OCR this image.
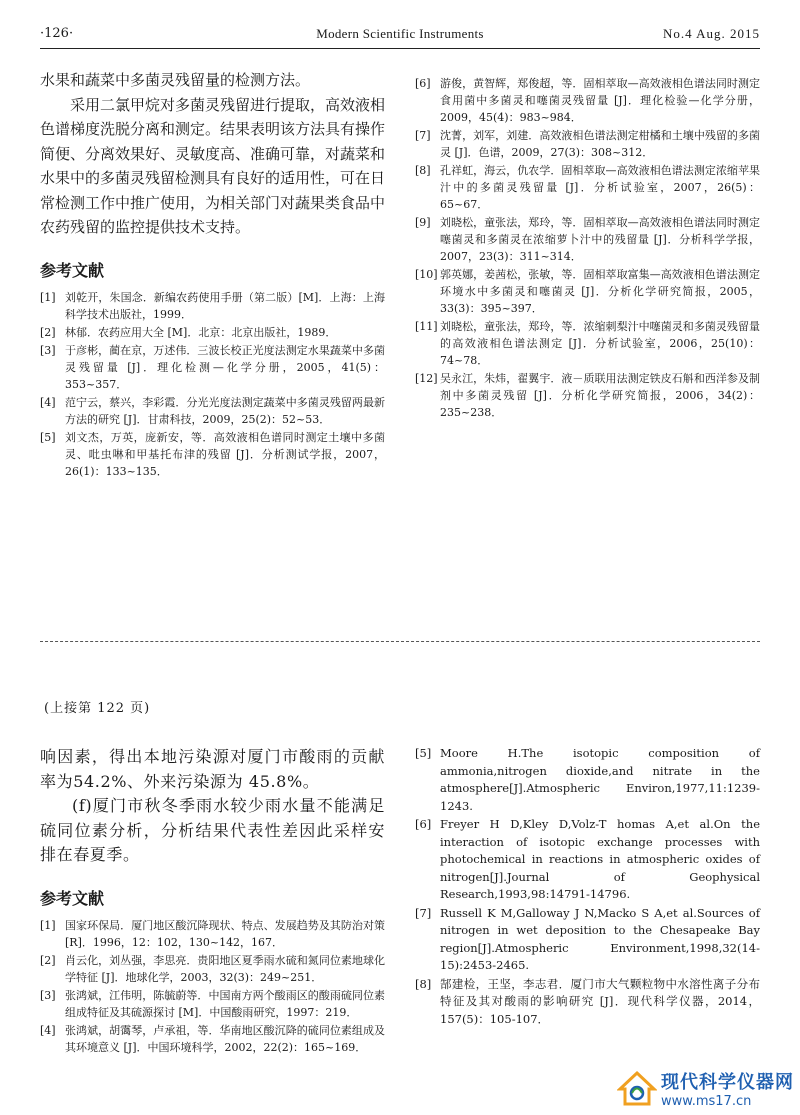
·126·	Modern Scientific Instruments	No.4 Aug. 2015

水果和蔬菜中多菌灵残留量的检测方法。

采用二氯甲烷对多菌灵残留进行提取，高效液相色谱梯度洗脱分离和测定。结果表明该方法具有操作简便、分离效果好、灵敏度高、准确可靠，对蔬菜和水果中的多菌灵残留检测具有良好的适用性，可在日常检测工作中推广使用，为相关部门对蔬果类食品中农药残留的监控提供技术支持。

参考文献
[1] 刘乾开，朱国念．新编农药使用手册（第二版）[M]．上海：上海科学技术出版社，1999．
[2] 林郁．农药应用大全 [M]．北京：北京出版社，1989．
[3] 于彦彬，蔺在京，万述伟．三波长校正光度法测定水果蔬菜中多菌灵残留量 [J]．理化检测—化学分册，2005，41(5)：353~357．
[4] 范宁云，蔡兴，李彩霞．分光光度法测定蔬菜中多菌灵残留两最新方法的研究 [J]．甘肃科技，2009，25(2)：52~53．
[5] 刘文杰，万英，庞新安，等．高效液相色谱同时测定土壤中多菌灵、吡虫啉和甲基托布津的残留 [J]．分析测试学报，2007，26(1)：133~135．
[6] 游俊，黄智辉，郑俊超，等．固相萃取—高效液相色谱法同时测定食用菌中多菌灵和噻菌灵残留量 [J]．理化检验—化学分册，2009，45(4)：983~984．
[7] 沈菁，刘军，刘建．高效液相色谱法测定柑橘和土壤中残留的多菌灵 [J]．色谱，2009，27(3)：308~312．
[8] 孔祥虹，海云，仇农学．固相萃取—高效液相色谱法测定浓缩苹果汁中的多菌灵残留量 [J]．分析试验室，2007，26(5)：65~67．
[9] 刘晓松，童张法，郑玲，等．固相萃取—高效液相色谱法同时测定噻菌灵和多菌灵在浓缩萝卜汁中的残留量 [J]．分析科学学报，2007，23(3)：311~314．
[10] 郭英娜，姜茜松，张敏，等．固相萃取富集—高效液相色谱法测定环境水中多菌灵和噻菌灵 [J]．分析化学研究简报，2005，33(3)：395~397．
[11] 刘晓松，童张法，郑玲，等．浓缩刺梨汁中噻菌灵和多菌灵残留量的高效液相色谱法测定 [J]．分析试验室，2006，25(10)：74~78．
[12] 吴永江，朱炜，翟翼宇．液－质联用法测定铁皮石斛和西洋参及制剂中多菌灵残留 [J]．分析化学研究简报，2006，34(2)：235~238．
(上接第 122 页)

响因素，得出本地污染源对厦门市酸雨的贡献率为54.2%、外来污染源为 45.8%。

(f)厦门市秋冬季雨水较少雨水量不能满足硫同位素分析，分析结果代表性差因此采样安排在春夏季。

参考文献
[1] 国家环保局．厦门地区酸沉降现状、特点、发展趋势及其防治对策 [R]．1996，12：102，130~142，167．
[2] 肖云化，刘丛强，李思亮．贵阳地区夏季雨水硫和氮同位素地球化学特征 [J]．地球化学，2003，32(3)：249~251．
[3] 张鸿斌，江伟明，陈毓蔚等．中国南方两个酸雨区的酸雨硫同位素组成特征及其硫源探讨 [M]．中国酸雨研究，1997：219．
[4] 张鸿斌，胡霭琴，卢承祖，等．华南地区酸沉降的硫同位素组成及其环境意义 [J]．中国环境科学，2002，22(2)：165~169．
[5] Moore H.The isotopic composition of ammonia,nitrogen dioxide,and nitrate in the atmosphere[J].Atmospheric Environ,1977,11:1239-1243.
[6] Freyer H D,Kley D,Volz-T homas A,et al.On the interaction of isotopic exchange processes with photochemical in reactions in atmospheric oxides of nitrogen[J].Journal of Geophysical Research,1993,98:14791-14796.
[7] Russell K M,Galloway J N,Macko S A,et al.Sources of nitrogen in wet deposition to the Chesapeake Bay region[J].Atmospheric Environment,1998,32(14-15):2453-2465.
[8] 郜建检，王坚，李志君．厦门市大气颗粒物中水溶性离子分布特征及其对酸雨的影响研究 [J]．现代科学仪器，2014，157(5)：105-107．
现代科学仪器网
www.ms17.cn
